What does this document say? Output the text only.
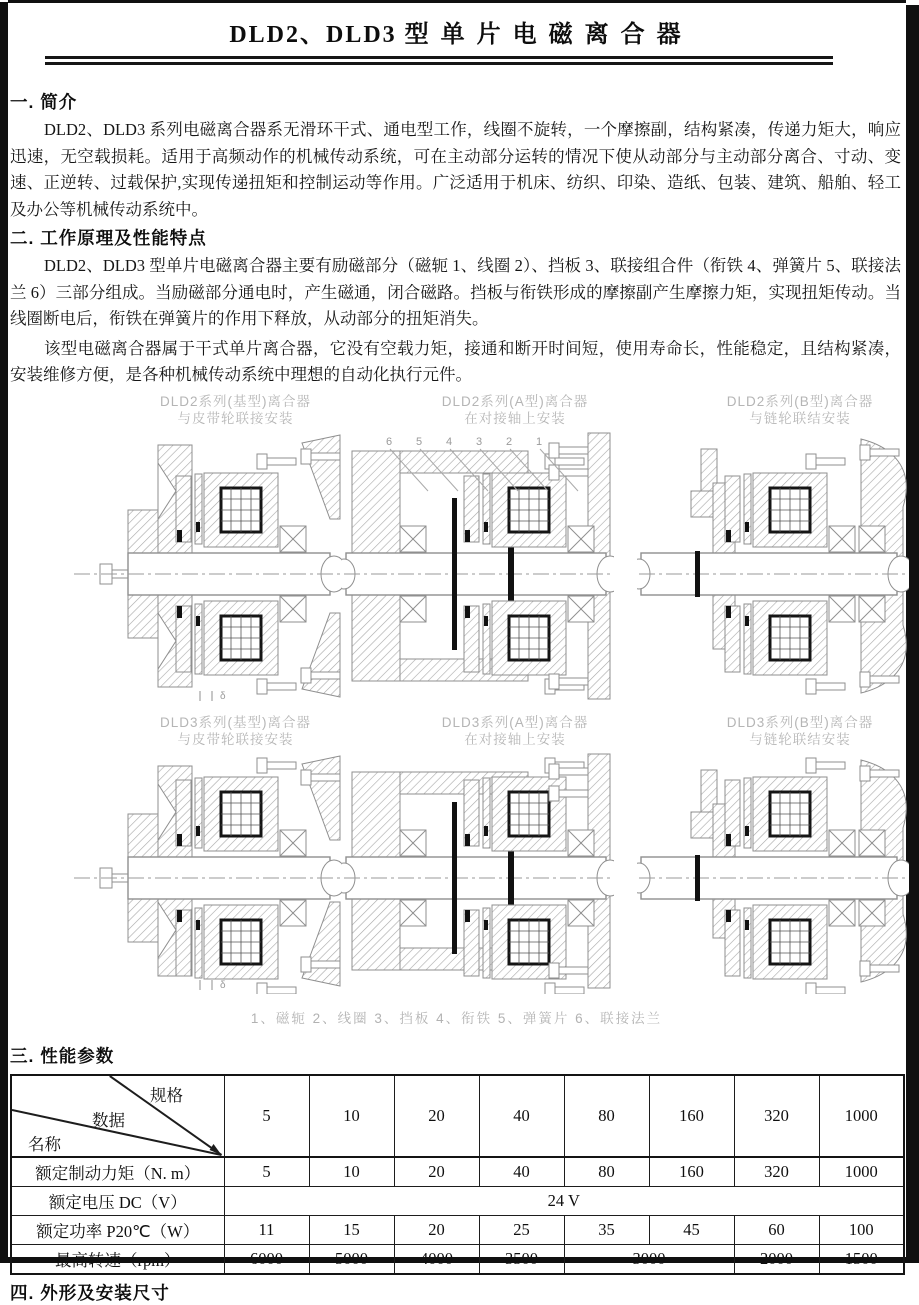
DLD2、DLD3 型 单 片 电 磁 离 合 器
一. 简介

DLD2、DLD3 系列电磁离合器系无滑环干式、通电型工作，线圈不旋转，一个摩擦副，结构紧凑，传递力矩大，响应迅速，无空载损耗。适用于高频动作的机械传动系统，可在主动部分运转的情况下使从动部分与主动部分离合、寸动、变速、正逆转、过载保护,实现传递扭矩和控制运动等作用。广泛适用于机床、纺织、印染、造纸、包装、建筑、船舶、轻工及办公等机械传动系统中。

二. 工作原理及性能特点

DLD2、DLD3 型单片电磁离合器主要有励磁部分（磁轭 1、线圈 2）、挡板 3、联接组合件（衔铁 4、弹簧片 5、联接法兰 6）三部分组成。当励磁部分通电时，产生磁通，闭合磁路。挡板与衔铁形成的摩擦副产生摩擦力矩，实现扭矩传动。当线圈断电后，衔铁在弹簧片的作用下释放，从动部分的扭矩消失。

该型电磁离合器属于干式单片离合器，它没有空载力矩，接通和断开时间短，使用寿命长，性能稳定，且结构紧凑，安装维修方便，是各种机械传动系统中理想的自动化执行元件。

DLD2系列(基型)离合器
与皮带轮联接安装
δ
DLD2系列(A型)离合器
在对接轴上安装
6 5 4 3 2 1
DLD2系列(B型)离合器
与链轮联结安装
DLD3系列(基型)离合器
与皮带轮联接安装
δ
DLD3系列(A型)离合器
在对接轴上安装
DLD3系列(B型)离合器
与链轮联结安装
1、磁轭 2、线圈 3、挡板 4、衔铁 5、弹簧片 6、联接法兰
三. 性能参数
规格
数据
名称	5	10	20	40	80	160	320	1000
额定制动力矩（N. m）	5	10	20	40	80	160	320	1000
额定电压 DC（V）	24 V							
额定功率 P20℃（W）	11	15	20	25	35	45	60	100
最高转速（rpm）	6000	5000	4000	3500	3000		2000	1500
四. 外形及安装尺寸
